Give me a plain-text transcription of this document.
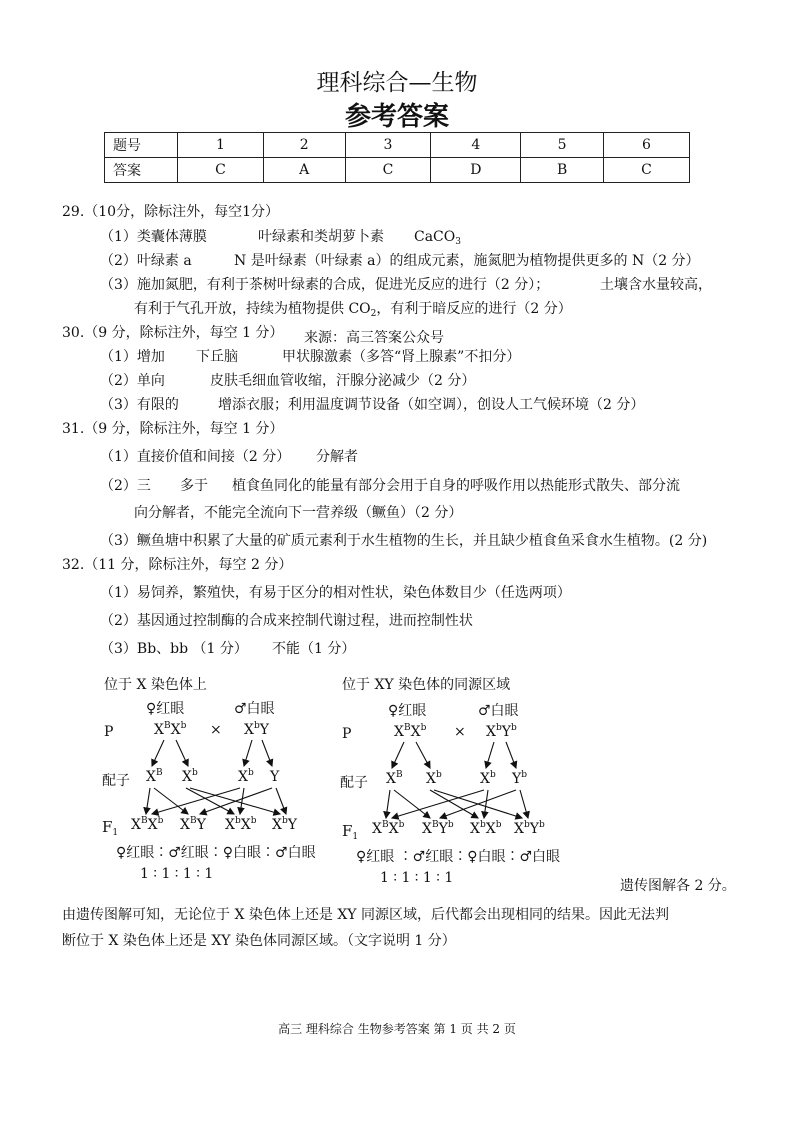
理科综合—生物
参考答案
题号	1	2	3	4	5	6
答案	C	A	C	D	B	C
29.（10分，除标注外，每空1分）
（1）类囊体薄膜	叶绿素和类胡萝卜素 CaCO$_3$
（2）叶绿素 a	N 是叶绿素（叶绿素 a）的组成元素，施氮肥为植物提供更多的 N（2 分）
（3）施加氮肥，有利于茶树叶绿素的合成，促进光反应的进行（2 分）；	土壤含水量较高，
有利于气孔开放，持续为植物提供 $CO_2$，有利于暗反应的进行（2 分）
30.（9 分，除标注外，每空 1 分） 来源：高三答案公众号
（1）增加 下丘脑	甲状腺激素（多答“肾上腺素”不扣分）
（2）单向	皮肤毛细血管收缩，汗腺分泌减少（2 分）
（3）有限的	增添衣服；利用温度调节设备（如空调），创设人工气候环境（2 分）
31.（9 分，除标注外，每空 1 分）
（1）直接价值和间接（2 分） 分解者
（2）三 多于 植食鱼同化的能量有部分会用于自身的呼吸作用以热能形式散失、部分流
向分解者，不能完全流向下一营养级（鳜鱼）（2 分）
（3）鳜鱼塘中积累了大量的矿质元素利于水生植物的生长，并且缺少植食鱼采食水生植物。(2 分)
32.（11 分，除标注外，每空 2 分）
（1）易饲养，繁殖快，有易于区分的相对性状，染色体数目少（任选两项）
（2）基因通过控制酶的合成来控制代谢过程，进而控制性状
（3）Bb、bb （1 分） 不能（1 分）
位于 X 染色体上
♀红眼	♂白眼
P	$X^BX^b \times X^bY$
配子 $X^B$ $X^b$	$X^b$ Y
$F_1$ $X^BX^b$ $X^BY$ $X^bX^b$ $X^bY$
♀红眼∶♂红眼∶♀白眼∶♂白眼
1 ∶ 1 ∶ 1 ∶ 1
位于 XY 染色体的同源区域
♀红眼	♂白眼
P	$X^BX^b \times X^bY^b$
配子 $X^B$ $X^b$	$X^b$ $Y^b$
$F_1$ $X^BX^b$ $X^BY^b$ $X^bX^b$ $X^bY^b$
♀红眼 ∶♂红眼∶♀白眼∶♂白眼
1 ∶ 1 ∶ 1 ∶ 1	遗传图解各 2 分。
由遗传图解可知，无论位于 X 染色体上还是 XY 同源区域，后代都会出现相同的结果。因此无法判
断位于 X 染色体上还是 XY 染色体同源区域。（文字说明 1 分）
高三 理科综合 生物参考答案 第 1 页 共 2 页
